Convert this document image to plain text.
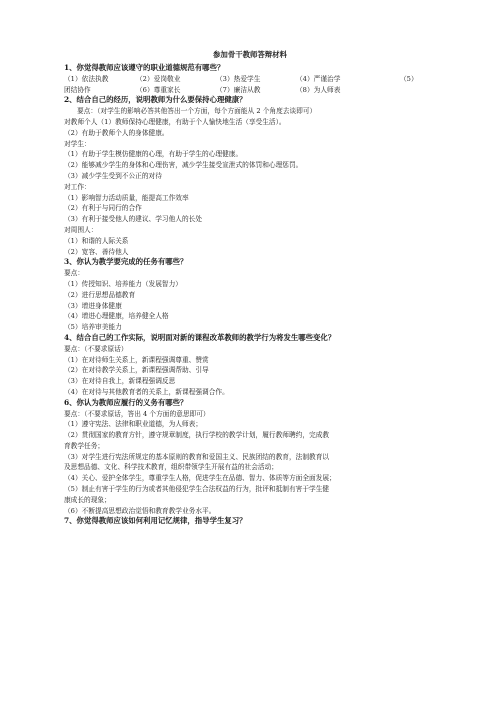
参加骨干教师答辩材料
1、你觉得教师应该遵守的职业道德规范有哪些？
（1）依法执教	（2）爱岗敬业	（3）热爱学生	（4）严谨治学	（5）
团结协作	（6）尊重家长	（7）廉洁从教	（8）为人师表
2、结合自己的经历，说明教师为什么要保持心理健康？
要点：（对学生的影响必答其他答出一个方面，每个方面能从 2 个角度去谈即可）
对教师个人（1）教师保持心理健康，有助于个人愉快地生活（享受生活）。
（2）有助于教师个人的身体健康。
对学生：
（1）有助于学生模仿健康的心理，有助于学生的心理健康。
（2）能够减少学生的身体和心理伤害，减少学生接受宣泄式的体罚和心理惩罚。
（3）减少学生受到不公正的对待
对工作：
（1）影响智力活动质量，能提高工作效率
（2）有利于与同行的合作
（3）有利于接受他人的建议、学习他人的长处
对周围人：
（1）和谐的人际关系
（2）宽容、善待他人
3、你认为教学要完成的任务有哪些？
要点：
（1）传授知识、培养能力（发展智力）
（2）进行思想品德教育
（3）增进身体健康
（4）增进心理健康，培养健全人格
（5）培养审美能力
4、结合自己的工作实际，说明面对新的课程改革教师的教学行为将发生哪些变化？
要点：（不要求原话）
（1）在对待师生关系上，新课程强调尊重、赞赏
（2）在对待教学关系上，新课程强调帮助、引导
（3）在对待自我上，新课程强调反思
（4）在对待与其他教育者的关系上，新课程强调合作。
6、你认为教师应履行的义务有哪些？
要点：（不要求原话，答出 4 个方面的意思即可）
（1）遵守宪法、法律和职业道德，为人师表；
（2）贯彻国家的教育方针，遵守规章制度，执行学校的教学计划，履行教师聘约，完成教
育教学任务；
（3）对学生进行宪法所规定的基本原则的教育和爱国主义、民族团结的教育，法制教育以
及思想品德、文化、科学技术教育，组织带领学生开展有益的社会活动；
（4）关心、爱护全体学生，尊重学生人格，促进学生在品德、智力、体质等方面全面发展；
（5）制止有害于学生的行为或者其他侵犯学生合法权益的行为，批评和抵制有害于学生健
康成长的现象；
（6）不断提高思想政治觉悟和教育教学业务水平。
7、你觉得教师应该如何利用记忆规律，指导学生复习？
